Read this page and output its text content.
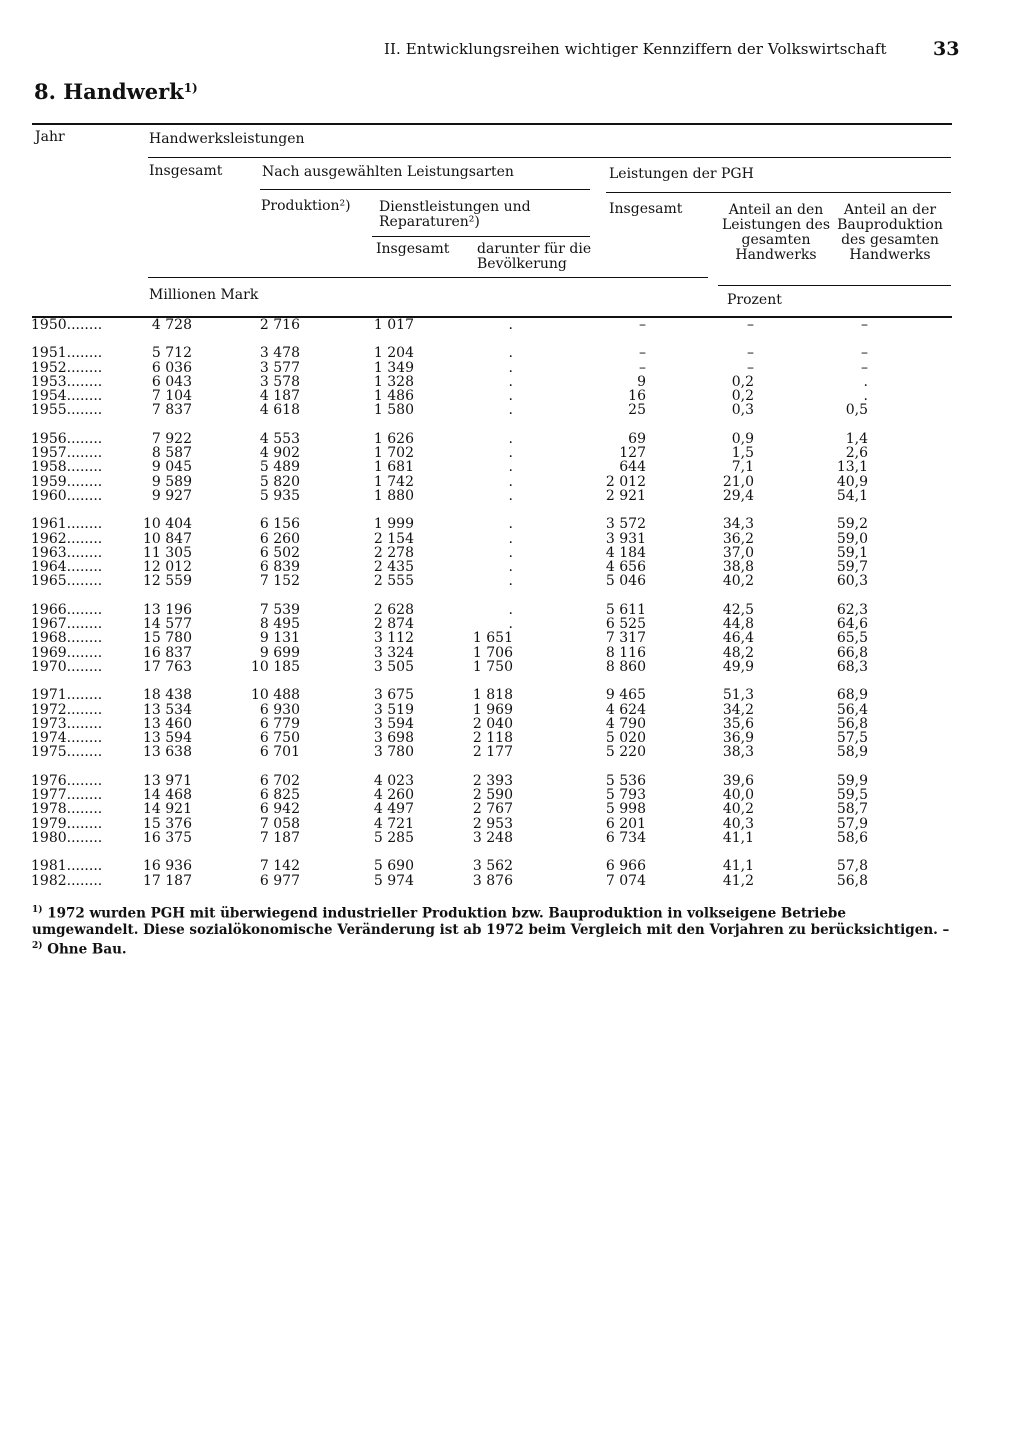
II. Entwicklungsreihen wichtiger Kennziffern der Volkswirtschaft 33
8. Handwerk$^{1)}$
Jahr	Handwerksleistungen
Insgesamt	Nach ausgewählten Leistungsarten	Leistungen der PGH
Produktion²) Dienstleistungen und Reparaturen²)
Insgesamt	Anteil an den Leistungen des gesamten Handwerks
Anteil an der Bauproduktion des gesamten Handwerks
Insgesamt darunter für die Bevölkerung
Millionen Mark	Prozent
1950........	4 728	2 716	1 017	.	–	–	–
1951........	5 712	3 478	1 204	.	–	–	–
1952........	6 036	3 577	1 349	.	–	–	–
1953........	6 043	3 578	1 328	.	9	0,2	.
1954........	7 104	4 187	1 486	.	16	0,2	.
1955........	7 837	4 618	1 580	.	25	0,3	0,5
1956........	7 922	4 553	1 626	.	69	0,9	1,4
1957........	8 587	4 902	1 702	.	127	1,5	2,6
1958........	9 045	5 489	1 681	.	644	7,1	13,1
1959........	9 589	5 820	1 742	.	2 012	21,0	40,9
1960........	9 927	5 935	1 880	.	2 921	29,4	54,1
1961........	10 404	6 156	1 999	.	3 572	34,3	59,2
1962........	10 847	6 260	2 154	.	3 931	36,2	59,0
1963........	11 305	6 502	2 278	.	4 184	37,0	59,1
1964........	12 012	6 839	2 435	.	4 656	38,8	59,7
1965........	12 559	7 152	2 555	.	5 046	40,2	60,3
1966........	13 196	7 539	2 628	.	5 611	42,5	62,3
1967........	14 577	8 495	2 874	.	6 525	44,8	64,6
1968........	15 780	9 131	3 112	1 651	7 317	46,4	65,5
1969........	16 837	9 699	3 324	1 706	8 116	48,2	66,8
1970........	17 763	10 185	3 505	1 750	8 860	49,9	68,3
1971........	18 438	10 488	3 675	1 818	9 465	51,3	68,9
1972........	13 534	6 930	3 519	1 969	4 624	34,2	56,4
1973........	13 460	6 779	3 594	2 040	4 790	35,6	56,8
1974........	13 594	6 750	3 698	2 118	5 020	36,9	57,5
1975........	13 638	6 701	3 780	2 177	5 220	38,3	58,9
1976........	13 971	6 702	4 023	2 393	5 536	39,6	59,9
1977........	14 468	6 825	4 260	2 590	5 793	40,0	59,5
1978........	14 921	6 942	4 497	2 767	5 998	40,2	58,7
1979........	15 376	7 058	4 721	2 953	6 201	40,3	57,9
1980........	16 375	7 187	5 285	3 248	6 734	41,1	58,6
1981........	16 936	7 142	5 690	3 562	6 966	41,1	57,8
1982........	17 187	6 977	5 974	3 876	7 074	41,2	56,8
$^{1)}$ 1972 wurden PGH mit überwiegend industrieller Produktion bzw. Bauproduktion in volkseigene Betriebe umgewandelt. Diese sozialökonomische Veränderung ist ab 1972 beim Vergleich mit den Vorjahren zu berücksichtigen. – $^{2)}$ Ohne Bau.
